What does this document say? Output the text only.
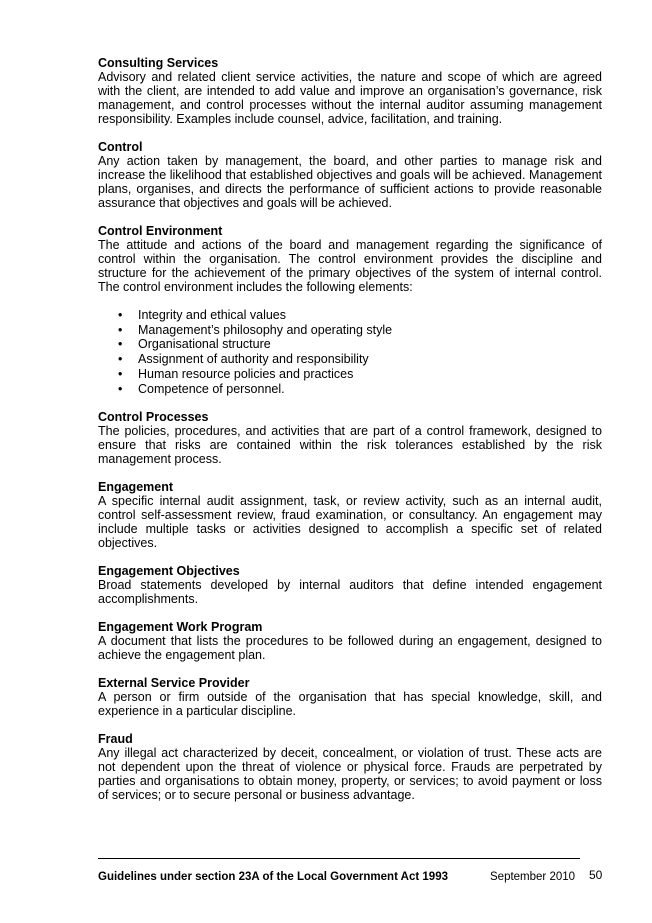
Consulting Services

Advisory and related client service activities, the nature and scope of which are agreed with the client, are intended to add value and improve an organisation’s governance, risk management, and control processes without the internal auditor assuming management responsibility. Examples include counsel, advice, facilitation, and training.

Control

Any action taken by management, the board, and other parties to manage risk and increase the likelihood that established objectives and goals will be achieved. Management plans, organises, and directs the performance of sufficient actions to provide reasonable assurance that objectives and goals will be achieved.

Control Environment

The attitude and actions of the board and management regarding the significance of control within the organisation. The control environment provides the discipline and structure for the achievement of the primary objectives of the system of internal control. The control environment includes the following elements:

•	Integrity and ethical values
•	Management’s philosophy and operating style
•	Organisational structure
•	Assignment of authority and responsibility
•	Human resource policies and practices
•	Competence of personnel.

Control Processes

The policies, procedures, and activities that are part of a control framework, designed to ensure that risks are contained within the risk tolerances established by the risk management process.

Engagement

A specific internal audit assignment, task, or review activity, such as an internal audit, control self-assessment review, fraud examination, or consultancy. An engagement may include multiple tasks or activities designed to accomplish a specific set of related objectives.

Engagement Objectives

Broad statements developed by internal auditors that define intended engagement accomplishments.

Engagement Work Program

A document that lists the procedures to be followed during an engagement, designed to achieve the engagement plan.

External Service Provider

A person or firm outside of the organisation that has special knowledge, skill, and experience in a particular discipline.

Fraud

Any illegal act characterized by deceit, concealment, or violation of trust. These acts are not dependent upon the threat of violence or physical force. Frauds are perpetrated by parties and organisations to obtain money, property, or services; to avoid payment or loss of services; or to secure personal or business advantage.

Guidelines under section 23A of the Local Government Act 1993	September 2010 50
